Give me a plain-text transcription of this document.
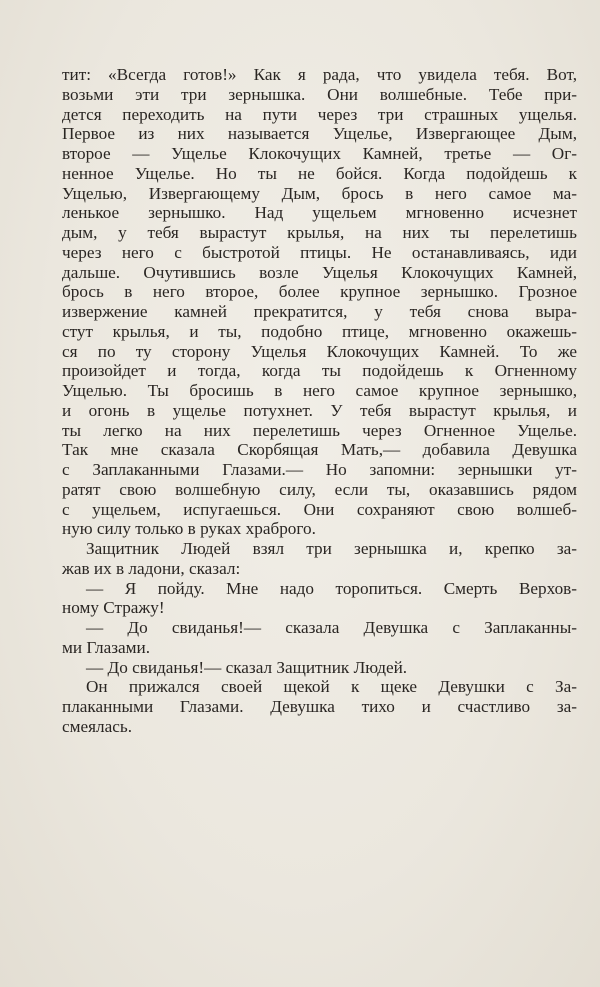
тит: «Всегда готов!» Как я рада, что увидела тебя. Вот,
возьми эти три зернышка. Они волшебные. Тебе при-
дется переходить на пути через три страшных ущелья.
Первое из них называется Ущелье, Извергающее Дым,
второе — Ущелье Клокочущих Камней, третье — Ог-
ненное Ущелье. Но ты не бойся. Когда подойдешь к
Ущелью, Извергающему Дым, брось в него самое ма-
ленькое зернышко. Над ущельем мгновенно исчезнет
дым, у тебя вырастут крылья, на них ты перелетишь
через него с быстротой птицы. Не останавливаясь, иди
дальше. Очутившись возле Ущелья Клокочущих Камней,
брось в него второе, более крупное зернышко. Грозное
извержение камней прекратится, у тебя снова выра-
стут крылья, и ты, подобно птице, мгновенно окажешь-
ся по ту сторону Ущелья Клокочущих Камней. То же
произойдет и тогда, когда ты подойдешь к Огненному
Ущелью. Ты бросишь в него самое крупное зернышко,
и огонь в ущелье потухнет. У тебя вырастут крылья, и
ты легко на них перелетишь через Огненное Ущелье.
Так мне сказала Скорбящая Мать,— добавила Девушка
с Заплаканными Глазами.— Но запомни: зернышки ут-
ратят свою волшебную силу, если ты, оказавшись рядом
с ущельем, испугаешься. Они сохраняют свою волшеб-
ную силу только в руках храброго.
Защитник Людей взял три зернышка и, крепко за-
жав их в ладони, сказал:
— Я пойду. Мне надо торопиться. Смерть Верхов-
ному Стражу!
— До свиданья!— сказала Девушка с Заплаканны-
ми Глазами.
— До свиданья!— сказал Защитник Людей.
Он прижался своей щекой к щеке Девушки с За-
плаканными Глазами. Девушка тихо и счастливо за-
смеялась.
